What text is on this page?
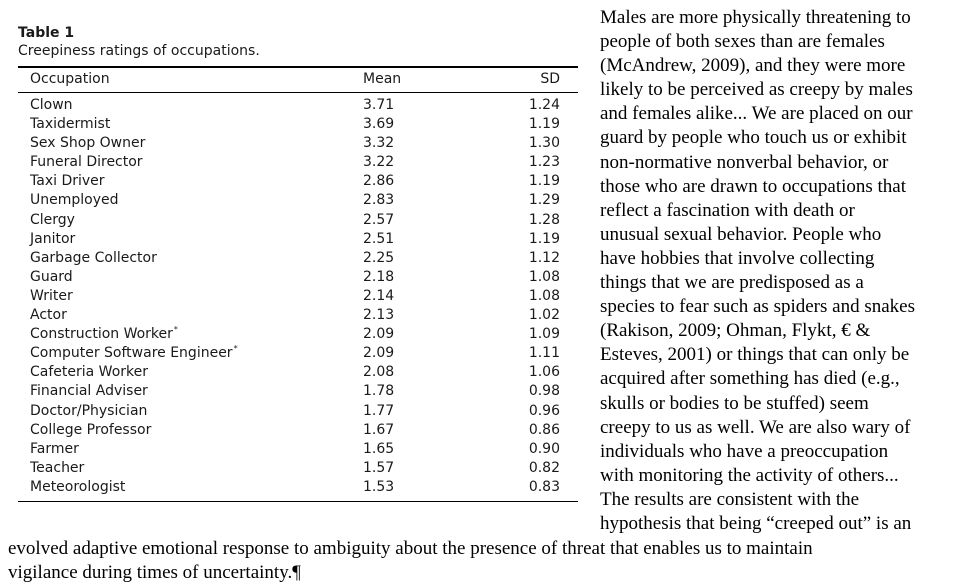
Table 1
Creepiness ratings of occupations.
Occupation	Mean	SD
Clown	3.71	1.24
Taxidermist	3.69	1.19
Sex Shop Owner	3.32	1.30
Funeral Director	3.22	1.23
Taxi Driver	2.86	1.19
Unemployed	2.83	1.29
Clergy	2.57	1.28
Janitor	2.51	1.19
Garbage Collector	2.25	1.12
Guard	2.18	1.08
Writer	2.14	1.08
Actor	2.13	1.02
Construction Worker*	2.09	1.09
Computer Software Engineer*	2.09	1.11
Cafeteria Worker	2.08	1.06
Financial Adviser	1.78	0.98
Doctor/Physician	1.77	0.96
College Professor	1.67	0.86
Farmer	1.65	0.90
Teacher	1.57	0.82
Meteorologist	1.53	0.83
Males are more physically threatening to
people of both sexes than are females
(McAndrew, 2009), and they were more
likely to be perceived as creepy by males
and females alike... We are placed on our
guard by people who touch us or exhibit
non-normative nonverbal behavior, or
those who are drawn to occupations that
reflect a fascination with death or
unusual sexual behavior. People who
have hobbies that involve collecting
things that we are predisposed as a
species to fear such as spiders and snakes
(Rakison, 2009; Ohman, Flykt, € &
Esteves, 2001) or things that can only be
acquired after something has died (e.g.,
skulls or bodies to be stuffed) seem
creepy to us as well. We are also wary of
individuals who have a preoccupation
with monitoring the activity of others...
The results are consistent with the
hypothesis that being “creeped out” is an
evolved adaptive emotional response to ambiguity about the presence of threat that enables us to maintain
vigilance during times of uncertainty.¶
